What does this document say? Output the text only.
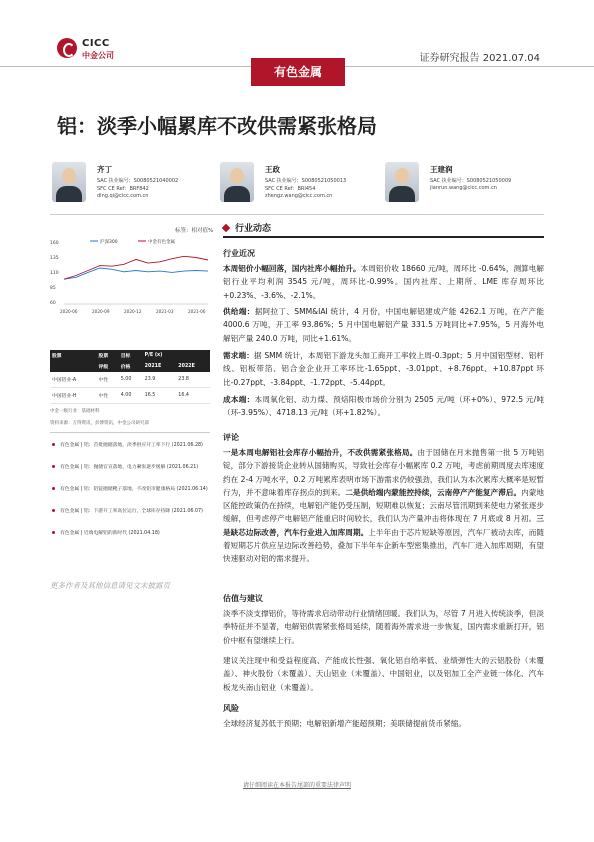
CICC
中金公司	证券研究报告 2021.07.04
有色金属
铝：淡季小幅累库不改供需紧张格局
齐丁
SAC 执业编号：S0080521040002
SFC CE Ref：BRF842
ding.qi@cicc.com.cn
王政
SAC 执业编号：S0080521050013
SFC CE Ref：BRI454
zhengz.wang@cicc.com.cn
王建润
SAC 执业编号：S0080521050009
jianrun.wang@cicc.com.cn
标签：相对值%
160
135
110
85
60
沪深300	中金有色金属
2020-06	2020-09	2020-12	2021-03	2021-06
股票	股票	目标	P/E (x)	
	评级	价格	2021E	2022E
中国铝业-A	中性	5.00	23.9	23.8
中国铝业-H	中性	4.00	16.5	16.4
中金一级行业：基础材料
资料来源：万得资讯，彭博资讯，中金公司研究部
有色金属 | 铝：首批抛储落地，淡季供应开工率下行 (2021.06.28)
有色金属 | 铝：抛储官宣落地，电力紧张逐步缓解 (2021.06.21)
有色金属 | 铝：铝锭抛储靴子落地，不改铝市健康格局 (2021.06.14)
有色金属 | 铝：下游开工率高位运行，全球库存持降 (2021.06.07)
有色金属 | 近端电解铝的新时代 (2021.04.18)
更多作者及其他信息请见文末披露页
行业动态
行业近况

本周铝价小幅回落，国内社库小幅抬升。本周铝价收 18660 元/吨，周环比 -0.64%，测算电解铝行业平均利润 3545 元/吨，周环比-0.99%。国内社库、上期所、LME 库存周环比+0.23%、-3.6%、-2.1%。

供给端：据阿拉丁、SMM&IAI 统计，4 月份，中国电解铝建成产能 4262.1 万吨，在产产能 4000.6 万吨，开工率 93.86%；5 月中国电解铝产量 331.5 万吨同比+7.95%，5 月海外电解铝产量 240.0 万吨，同比+1.61%。

需求端：据 SMM 统计，本周铝下游龙头加工商开工率较上周-0.3ppt；5 月中国铝型材、铝杆线、铝板带箔、铝合金企业开工率环比-1.65ppt、-3.01ppt、+8.76ppt、+10.87ppt 环比-0.27ppt、-3.84ppt、-1.72ppt、-5.44ppt。

成本端：本周氧化铝、动力煤、预焙阳极市场价分别为 2505 元/吨（环+0%）、972.5 元/吨（环-3.95%）、4718.13 元/吨（环+1.82%）。

评论

一是本周电解铝社会库存小幅抬升，不改供需紧张格局。由于国储在月末抛售第一批 5 万吨铝锭，部分下游接货企业转从国储购买，导致社会库存小幅累库 0.2 万吨，考虑前期周度去库速度约在 2-4 万吨水平，0.2 万吨累库表明市场下游需求仍较强劲，我们认为本次累库大概率是短暂行为，并不意味着库存拐点的到来。二是供给端内蒙能控持续，云南停产产能复产滞后。内蒙地区能控政策仍在持续，电解铝产能仍受压制，短期难以恢复；云南尽管汛期到来使电力紧张逐步缓解，但考虑停产电解铝产能重启时间较长，我们认为产量冲击将体现在 7 月底或 8 月初。三是缺芯边际改善，汽车行业进入加库周期。上半年由于芯片短缺等原因，汽车厂被动去库，而随着短期芯片供应呈边际改善趋势，叠加下半年车企新车型密集推出，汽车厂进入加库周期，有望快速驱动对铝的需求提升。

估值与建议

淡季不淡支撑铝价，等待需求启动带动行业情绪回暖。我们认为，尽管 7 月进入传统淡季，但淡季特征并不显著，电解铝供需紧张格局延续，随着海外需求进一步恢复，国内需求重新打开，铝价中枢有望继续上行。

建议关注现中和受益程度高、产能成长性强、氧化铝自给率低、业绩弹性大的云铝股份（未覆盖）、神火股份（未覆盖）、天山铝业（未覆盖）、中国铝业，以及铝加工全产业链一体化、汽车板龙头南山铝业（未覆盖）。

风险

全球经济复苏低于预期；电解铝新增产能超预期；美联储提前货币紧缩。

请仔细阅读在本报告尾部的重要法律声明
